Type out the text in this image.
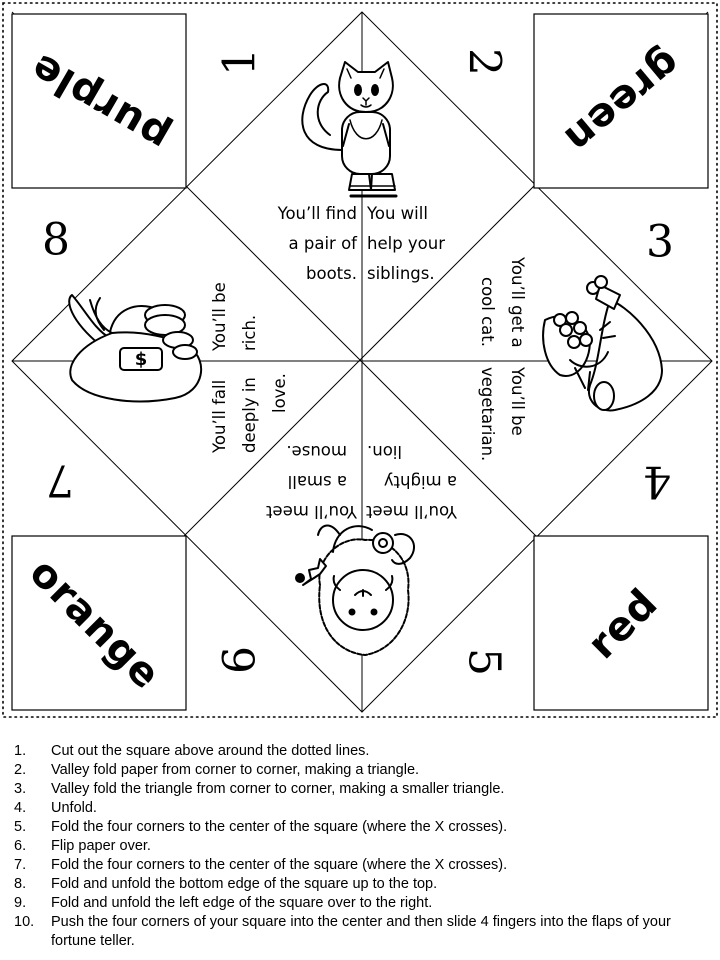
purple	green
red
orange
1	2
3
4
5
6
7
8
You’ll find
a pair of
boots.
You will
help your
siblings.	You’ll get a
cool cat.
You’ll be
vegetarian.
You’ll meet
a mighty
lion.
You’ll meet
a small
mouse.
You’ll fall deeply in love.
You’ll be rich.
$
1.	Cut out the square above around the dotted lines.
2.	Valley fold paper from corner to corner, making a triangle.
3.	Valley fold the triangle from corner to corner, making a smaller triangle.
4.	Unfold.
5.	Fold the four corners to the center of the square (where the X crosses).
6.	Flip paper over.
7.	Fold the four corners to the center of the square (where the X crosses).
8.	Fold and unfold the bottom edge of the square up to the top.
9.	Fold and unfold the left edge of the square over to the right.
10.	Push the four corners of your square into the center and then slide 4 fingers into the flaps of your fortune teller.
